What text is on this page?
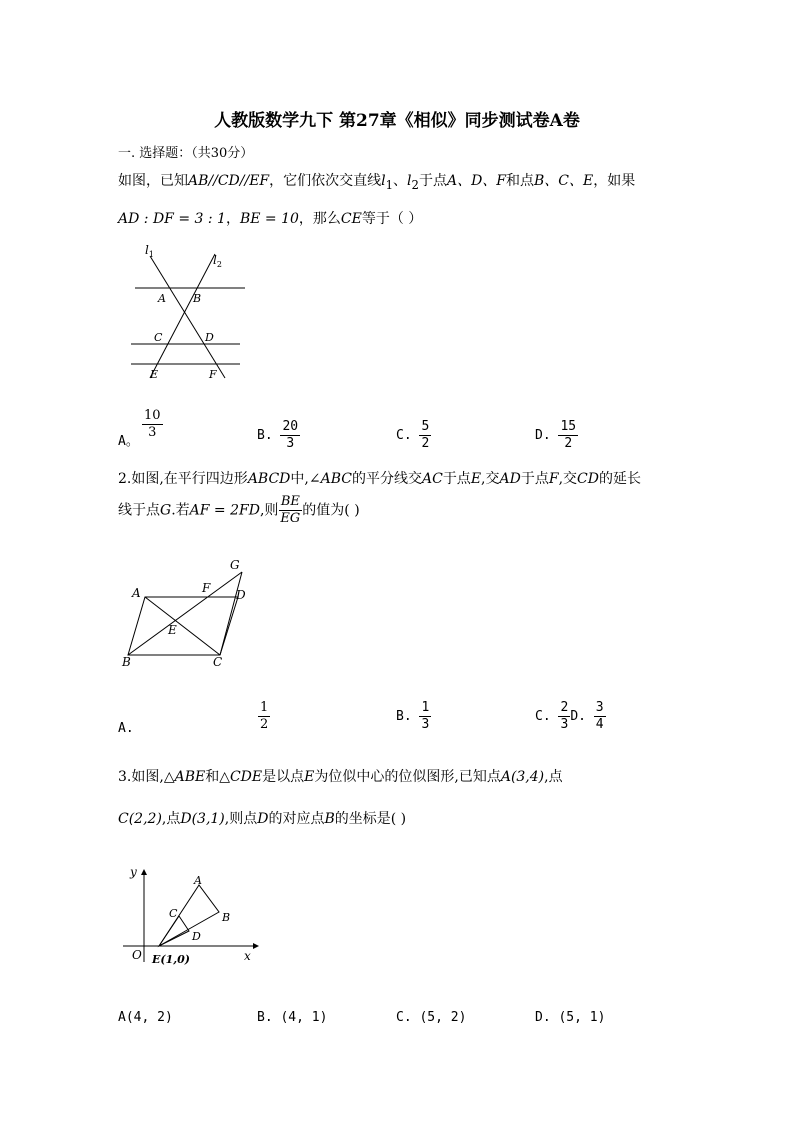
人教版数学九下 第27章《相似》同步测试卷A卷
一. 选择题：（共30分）
如图，已知AB//CD//EF，它们依次交直线$l_1$、$l_2$于点A、D、F和点B、C、E，如果
AD : DF = 3 : 1，BE = 10，那么CE等于（ ）
$l_1$	$l_2$
A B
C	D
E	F
A。
$\frac{10}{3}$	B. $\frac{20}{3}$	C. $\frac{5}{2}$	D. $\frac{15}{2}$
2.如图,在平行四边形ABCD中,∠ABC的平分线交AC于点E,交AD于点F,交CD的延长
线于点G.若AF = 2FD,则 $\frac{BE}{EG}$ 的值为( )
A
B	C
D
E
F
G
A.	$\frac{1}{2}$	B. $\frac{1}{3}$	C. $\frac{2}{3} D$. $\frac{3}{4}$
3.如图,△ABE和△CDE是以点E为位似中心的位似图形,已知点A(3,4),点
C(2,2),点D(3,1),则点D的对应点B的坐标是( )
y
x
O E(1,0)
A
B
C
D
A(4, 2)	B. (4, 1)	C. (5, 2)	D. (5, 1)
